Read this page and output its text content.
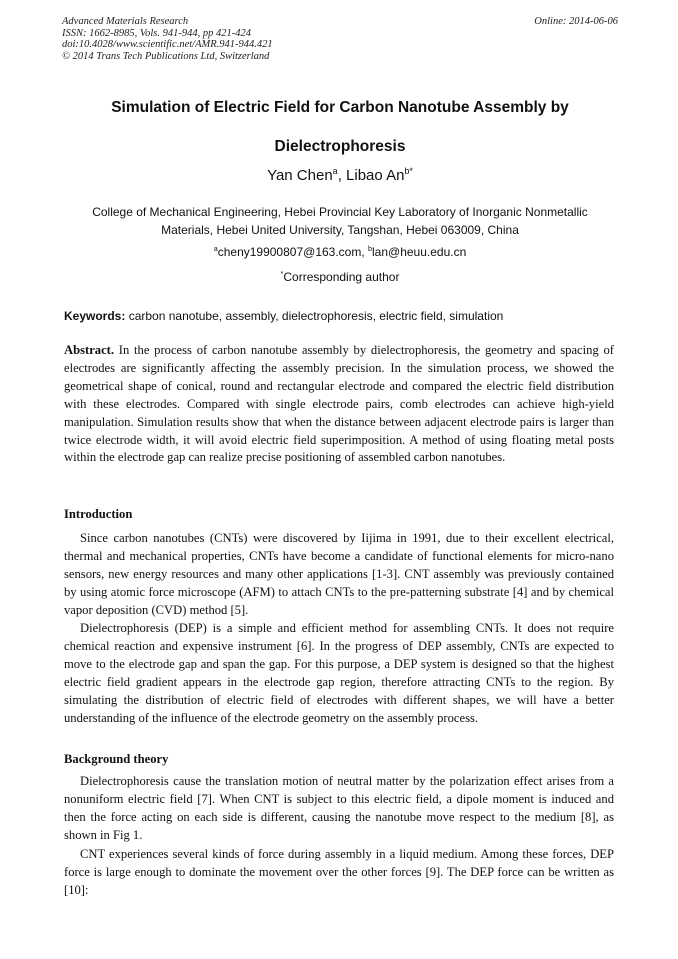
Advanced Materials Research
ISSN: 1662-8985, Vols. 941-944, pp 421-424
doi:10.4028/www.scientific.net/AMR.941-944.421
© 2014 Trans Tech Publications Ltd, Switzerland
Online: 2014-06-06
Simulation of Electric Field for Carbon Nanotube Assembly by
Dielectrophoresis
Yan Chen$^a$, Libao $An^{b*}$
College of Mechanical Engineering, Hebei Provincial Key Laboratory of Inorganic Nonmetallic
Materials, Hebei United University, Tangshan, Hebei 063009, China
$^a$cheny19900807@163.com, $^b$lan@heuu.edu.cn
*Corresponding author
Keywords: carbon nanotube, assembly, dielectrophoresis, electric field, simulation
Abstract. In the process of carbon nanotube assembly by dielectrophoresis, the geometry and spacing of electrodes are significantly affecting the assembly precision. In the simulation process, we showed the geometrical shape of conical, round and rectangular electrode and compared the electric field distribution with these electrodes. Compared with single electrode pairs, comb electrodes can achieve high-yield manipulation. Simulation results show that when the distance between adjacent electrode pairs is larger than twice electrode width, it will avoid electric field superimposition. A method of using floating metal posts within the electrode gap can realize precise positioning of assembled carbon nanotubes.
Introduction
Since carbon nanotubes (CNTs) were discovered by Iijima in 1991, due to their excellent electrical, thermal and mechanical properties, CNTs have become a candidate of functional elements for micro-nano sensors, new energy resources and many other applications [1-3]. CNT assembly was previously contained by using atomic force microscope (AFM) to attach CNTs to the pre-patterning substrate [4] and by chemical vapor deposition (CVD) method [5].
Dielectrophoresis (DEP) is a simple and efficient method for assembling CNTs. It does not require chemical reaction and expensive instrument [6]. In the progress of DEP assembly, CNTs are expected to move to the electrode gap and span the gap. For this purpose, a DEP system is designed so that the highest electric field gradient appears in the electrode gap region, therefore attracting CNTs to the region. By simulating the distribution of electric field of electrodes with different shapes, we will have a better understanding of the influence of the electrode geometry on the assembly process.
Background theory
Dielectrophoresis cause the translation motion of neutral matter by the polarization effect arises from a nonuniform electric field [7]. When CNT is subject to this electric field, a dipole moment is induced and then the force acting on each side is different, causing the nanotube move respect to the medium [8], as shown in Fig 1.
CNT experiences several kinds of force during assembly in a liquid medium. Among these forces, DEP force is large enough to dominate the movement over the other forces [9]. The DEP force can be written as [10]:
